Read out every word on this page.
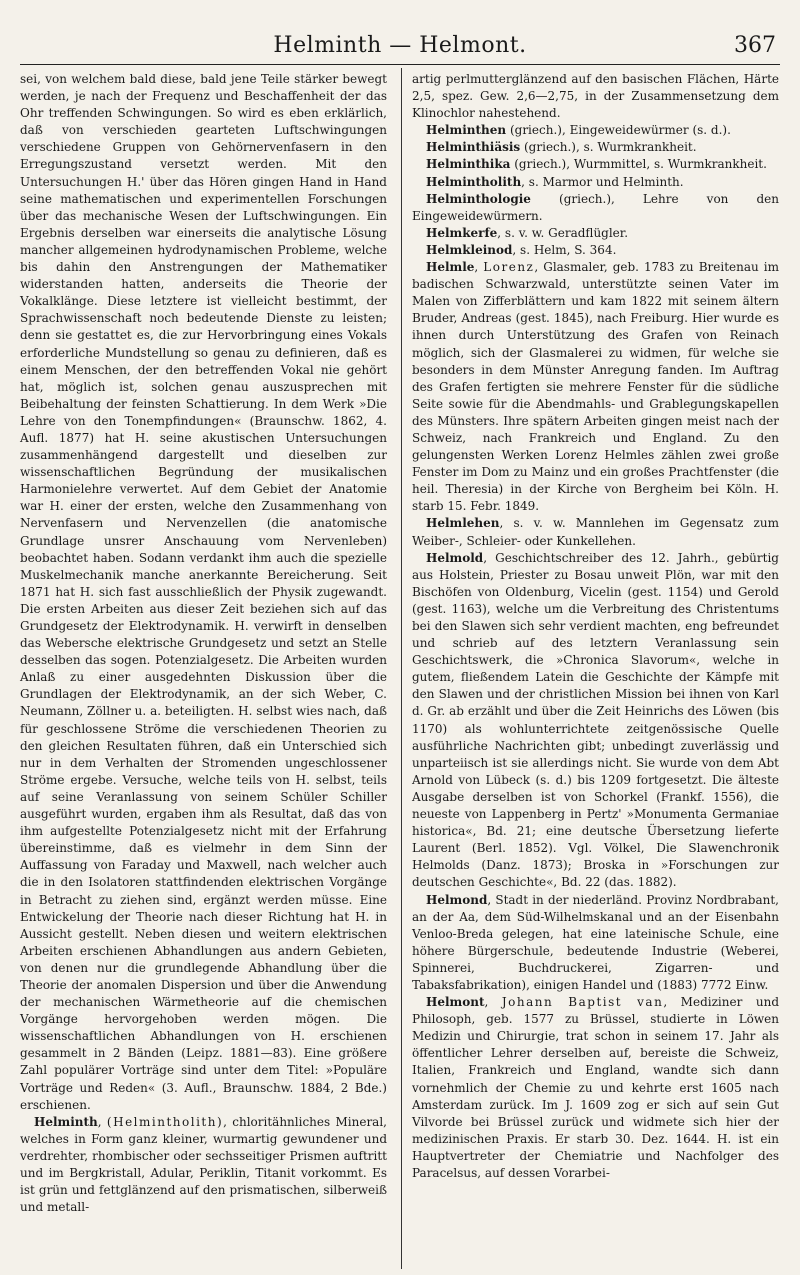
Helminth — Helmont.	367

sei, von welchem bald diese, bald jene Teile stärker bewegt werden, je nach der Frequenz und Beschaffenheit der das Ohr treffenden Schwingungen. So wird es eben erklärlich, daß von verschieden gearteten Luftschwingungen verschiedene Gruppen von Gehörnervenfasern in den Erregungszustand versetzt werden. Mit den Untersuchungen H.' über das Hören gingen Hand in Hand seine mathematischen und experimentellen Forschungen über das mechanische Wesen der Luftschwingungen. Ein Ergebnis derselben war einerseits die analytische Lösung mancher allgemeinen hydrodynamischen Probleme, welche bis dahin den Anstrengungen der Mathematiker widerstanden hatten, anderseits die Theorie der Vokalklänge. Diese letztere ist vielleicht bestimmt, der Sprachwissenschaft noch bedeutende Dienste zu leisten; denn sie gestattet es, die zur Hervorbringung eines Vokals erforderliche Mundstellung so genau zu definieren, daß es einem Menschen, der den betreffenden Vokal nie gehört hat, möglich ist, solchen genau auszusprechen mit Beibehaltung der feinsten Schattierung. In dem Werk »Die Lehre von den Tonempfindungen« (Braunschw. 1862, 4. Aufl. 1877) hat H. seine akustischen Untersuchungen zusammenhängend dargestellt und dieselben zur wissenschaftlichen Begründung der musikalischen Harmonielehre verwertet. Auf dem Gebiet der Anatomie war H. einer der ersten, welche den Zusammenhang von Nervenfasern und Nervenzellen (die anatomische Grundlage unsrer Anschauung vom Nervenleben) beobachtet haben. Sodann verdankt ihm auch die spezielle Muskelmechanik manche anerkannte Bereicherung. Seit 1871 hat H. sich fast ausschließlich der Physik zugewandt. Die ersten Arbeiten aus dieser Zeit beziehen sich auf das Grundgesetz der Elektrodynamik. H. verwirft in denselben das Webersche elektrische Grundgesetz und setzt an Stelle desselben das sogen. Potenzialgesetz. Die Arbeiten wurden Anlaß zu einer ausgedehnten Diskussion über die Grundlagen der Elektrodynamik, an der sich Weber, C. Neumann, Zöllner u. a. beteiligten. H. selbst wies nach, daß für geschlossene Ströme die verschiedenen Theorien zu den gleichen Resultaten führen, daß ein Unterschied sich nur in dem Verhalten der Stromenden ungeschlossener Ströme ergebe. Versuche, welche teils von H. selbst, teils auf seine Veranlassung von seinem Schüler Schiller ausgeführt wurden, ergaben ihm als Resultat, daß das von ihm aufgestellte Potenzialgesetz nicht mit der Erfahrung übereinstimme, daß es vielmehr in dem Sinn der Auffassung von Faraday und Maxwell, nach welcher auch die in den Isolatoren stattfindenden elektrischen Vorgänge in Betracht zu ziehen sind, ergänzt werden müsse. Eine Entwickelung der Theorie nach dieser Richtung hat H. in Aussicht gestellt. Neben diesen und weitern elektrischen Arbeiten erschienen Abhandlungen aus andern Gebieten, von denen nur die grundlegende Abhandlung über die Theorie der anomalen Dispersion und über die Anwendung der mechanischen Wärmetheorie auf die chemischen Vorgänge hervorgehoben werden mögen. Die wissenschaftlichen Abhandlungen von H. erschienen gesammelt in 2 Bänden (Leipz. 1881—83). Eine größere Zahl populärer Vorträge sind unter dem Titel: »Populäre Vorträge und Reden« (3. Aufl., Braunschw. 1884, 2 Bde.) erschienen.

Helminth, (Helmintholith), chloritähnliches Mineral, welches in Form ganz kleiner, wurmartig gewundener und verdrehter, rhombischer oder sechsseitiger Prismen auftritt und im Bergkristall, Adular, Periklin, Titanit vorkommt. Es ist grün und fettglänzend auf den prismatischen, silberweiß und metall-

artig perlmutterglänzend auf den basischen Flächen, Härte 2,5, spez. Gew. 2,6—2,75, in der Zusammensetzung dem Klinochlor nahestehend.

Helminthen (griech.), Eingeweidewürmer (s. d.).

Helminthiäsis (griech.), s. Wurmkrankheit.

Helminthika (griech.), Wurmmittel, s. Wurmkrankheit.

Helmintholith, s. Marmor und Helminth.

Helminthologie (griech.), Lehre von den Eingeweidewürmern.

Helmkerfe, s. v. w. Geradflügler.

Helmkleinod, s. Helm, S. 364.

Helmle, Lorenz, Glasmaler, geb. 1783 zu Breitenau im badischen Schwarzwald, unterstützte seinen Vater im Malen von Zifferblättern und kam 1822 mit seinem ältern Bruder, Andreas (gest. 1845), nach Freiburg. Hier wurde es ihnen durch Unterstützung des Grafen von Reinach möglich, sich der Glasmalerei zu widmen, für welche sie besonders in dem Münster Anregung fanden. Im Auftrag des Grafen fertigten sie mehrere Fenster für die südliche Seite sowie für die Abendmahls- und Grablegungskapellen des Münsters. Ihre spätern Arbeiten gingen meist nach der Schweiz, nach Frankreich und England. Zu den gelungensten Werken Lorenz Helmles zählen zwei große Fenster im Dom zu Mainz und ein großes Prachtfenster (die heil. Theresia) in der Kirche von Bergheim bei Köln. H. starb 15. Febr. 1849.

Helmlehen, s. v. w. Mannlehen im Gegensatz zum Weiber-, Schleier- oder Kunkellehen.

Helmold, Geschichtschreiber des 12. Jahrh., gebürtig aus Holstein, Priester zu Bosau unweit Plön, war mit den Bischöfen von Oldenburg, Vicelin (gest. 1154) und Gerold (gest. 1163), welche um die Verbreitung des Christentums bei den Slawen sich sehr verdient machten, eng befreundet und schrieb auf des letztern Veranlassung sein Geschichtswerk, die »Chronica Slavorum«, welche in gutem, fließendem Latein die Geschichte der Kämpfe mit den Slawen und der christlichen Mission bei ihnen von Karl d. Gr. ab erzählt und über die Zeit Heinrichs des Löwen (bis 1170) als wohlunterrichtete zeitgenössische Quelle ausführliche Nachrichten gibt; unbedingt zuverlässig und unparteiisch ist sie allerdings nicht. Sie wurde von dem Abt Arnold von Lübeck (s. d.) bis 1209 fortgesetzt. Die älteste Ausgabe derselben ist von Schorkel (Frankf. 1556), die neueste von Lappenberg in Pertz' »Monumenta Germaniae historica«, Bd. 21; eine deutsche Übersetzung lieferte Laurent (Berl. 1852). Vgl. Völkel, Die Slawenchronik Helmolds (Danz. 1873); Broska in »Forschungen zur deutschen Geschichte«, Bd. 22 (das. 1882).

Helmond, Stadt in der niederländ. Provinz Nordbrabant, an der Aa, dem Süd-Wilhelmskanal und an der Eisenbahn Venloo-Breda gelegen, hat eine lateinische Schule, eine höhere Bürgerschule, bedeutende Industrie (Weberei, Spinnerei, Buchdruckerei, Zigarren- und Tabaksfabrikation), einigen Handel und (1883) 7772 Einw.

Helmont, Johann Baptist van, Mediziner und Philosoph, geb. 1577 zu Brüssel, studierte in Löwen Medizin und Chirurgie, trat schon in seinem 17. Jahr als öffentlicher Lehrer derselben auf, bereiste die Schweiz, Italien, Frankreich und England, wandte sich dann vornehmlich der Chemie zu und kehrte erst 1605 nach Amsterdam zurück. Im J. 1609 zog er sich auf sein Gut Vilvorde bei Brüssel zurück und widmete sich hier der medizinischen Praxis. Er starb 30. Dez. 1644. H. ist ein Hauptvertreter der Chemiatrie und Nachfolger des Paracelsus, auf dessen Vorarbei-
